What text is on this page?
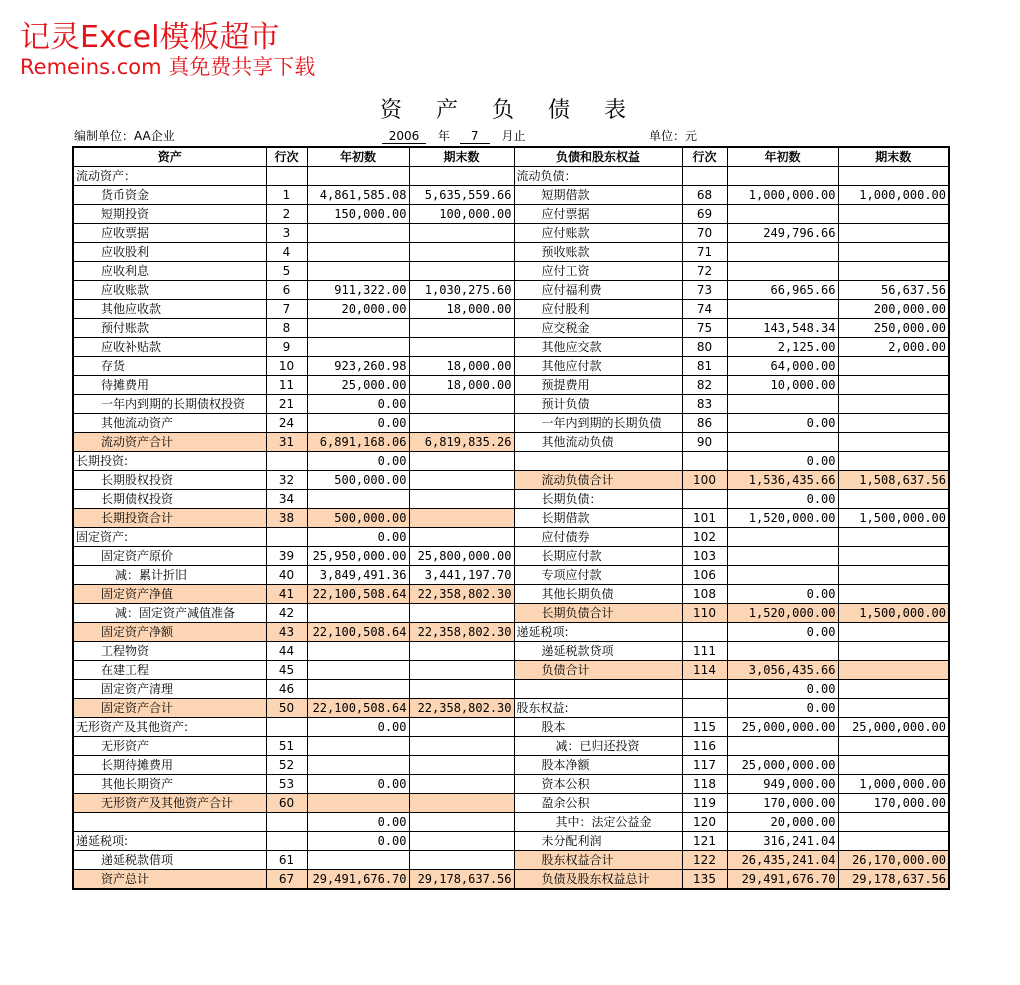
记灵Excel模板超市
Remeins.com 真免费共享下载
资产负债表
编制单位：AA企业	2006 年 7 月止	单位：元
资产	行次	年初数	期末数	负债和股东权益	行次	年初数	期末数
流动资产：				流动负债：			
货币资金	1	4,861,585.08	5,635,559.66	短期借款	68	1,000,000.00	1,000,000.00
短期投资	2	150,000.00	100,000.00	应付票据	69		
应收票据	3			应付账款	70	249,796.66	
应收股利	4			预收账款	71		
应收利息	5			应付工资	72		
应收账款	6	911,322.00	1,030,275.60	应付福利费	73	66,965.66	56,637.56
其他应收款	7	20,000.00	18,000.00	应付股利	74		200,000.00
预付账款	8			应交税金	75	143,548.34	250,000.00
应收补贴款	9			其他应交款	80	2,125.00	2,000.00
存货	10	923,260.98	18,000.00	其他应付款	81	64,000.00	
待摊费用	11	25,000.00	18,000.00	预提费用	82	10,000.00	
一年内到期的长期债权投资	21	0.00		预计负债	83		
其他流动资产	24	0.00		一年内到期的长期负债	86	0.00	
流动资产合计	31	6,891,168.06	6,819,835.26	其他流动负债	90		
长期投资:		0.00				0.00	
长期股权投资	32	500,000.00		流动负债合计	100	1,536,435.66	1,508,637.56
长期债权投资	34			长期负债：		0.00	
长期投资合计	38	500,000.00		长期借款	101	1,520,000.00	1,500,000.00
固定资产:		0.00		应付债券	102		
固定资产原价	39	25,950,000.00	25,800,000.00	长期应付款	103		
减：累计折旧	40	3,849,491.36	3,441,197.70	专项应付款	106		
固定资产净值	41	22,100,508.64	22,358,802.30	其他长期负债	108	0.00	
减：固定资产减值准备	42			长期负债合计	110	1,520,000.00	1,500,000.00
固定资产净额	43	22,100,508.64	22,358,802.30	递延税项:		0.00	
工程物资	44			递延税款贷项	111		
在建工程	45			负债合计	114	3,056,435.66	
固定资产清理	46					0.00	
固定资产合计	50	22,100,508.64	22,358,802.30	股东权益:		0.00	
无形资产及其他资产:		0.00		股本	115	25,000,000.00	25,000,000.00
无形资产	51			减：已归还投资	116		
长期待摊费用	52			股本净额	117	25,000,000.00	
其他长期资产	53	0.00		资本公积	118	949,000.00	1,000,000.00
无形资产及其他资产合计	60			盈余公积	119	170,000.00	170,000.00
		0.00		其中：法定公益金	120	20,000.00	
递延税项:		0.00		未分配利润	121	316,241.04	
递延税款借项	61			股东权益合计	122	26,435,241.04	26,170,000.00
资产总计	67	29,491,676.70	29,178,637.56	负债及股东权益总计	135	29,491,676.70	29,178,637.56
